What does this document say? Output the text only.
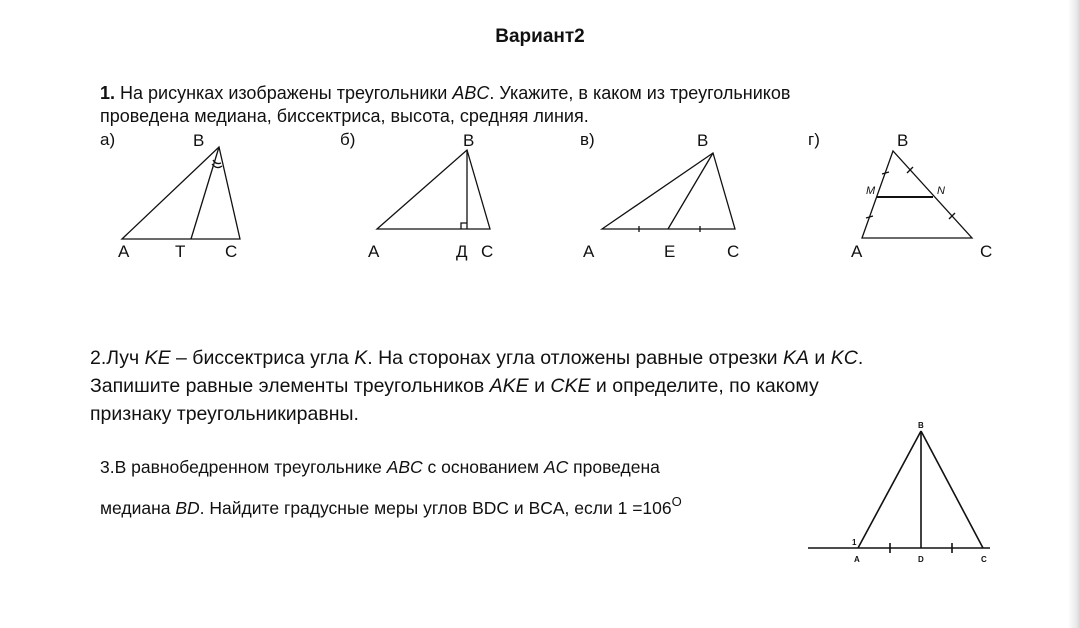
Вариант2
1. На рисунках изображены треугольники ABC. Укажите, в каком из треугольников
проведена медиана, биссектриса, высота, средняя линия.
а)	б)	в)	г)
B
A	T C
B
А	Д С
B
А	Е	С
B
M	N
А	С
B
A	D	C
1
2.Луч KE – биссектриса угла K. На сторонах угла отложены равные отрезки KA и KC.
Запишите равные элементы треугольников AKE и CKE и определите, по какому
признаку треугольникиравны.
3.В равнобедренном треугольнике ABC с основанием AC проведена
медиана BD. Найдите градусные меры углов BDC и BCA, если $1 =106^O$
